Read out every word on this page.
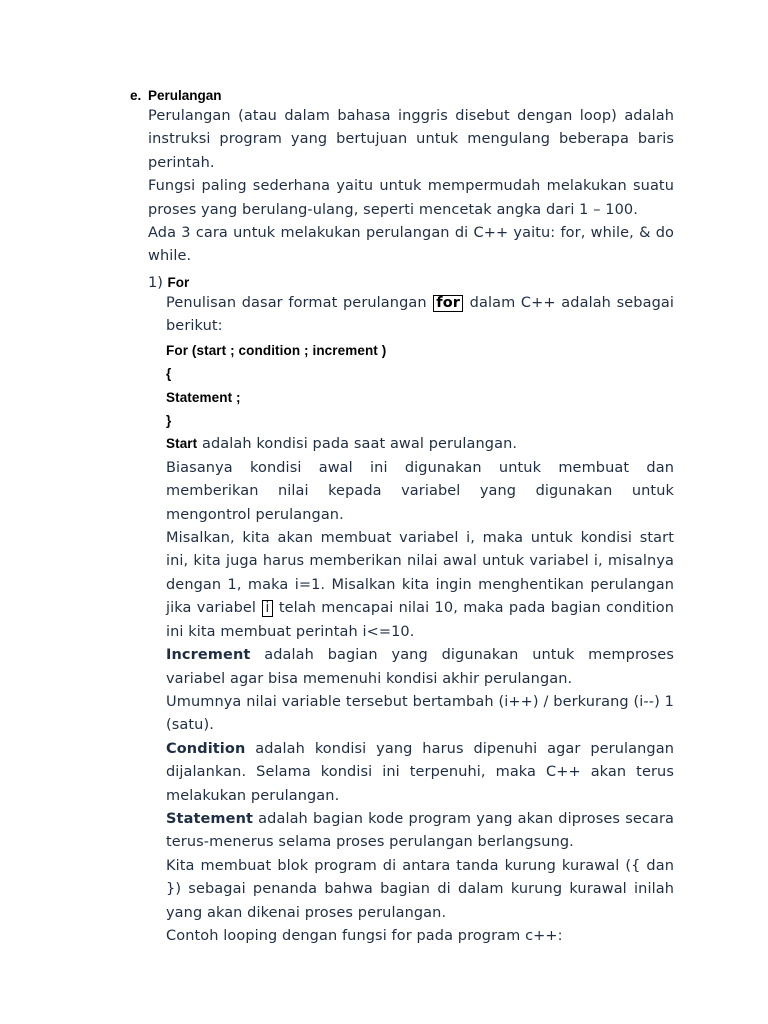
e. Perulangan

Perulangan (atau dalam bahasa inggris disebut dengan loop) adalah instruksi program yang bertujuan untuk mengulang beberapa baris perintah.

Fungsi paling sederhana yaitu untuk mempermudah melakukan suatu proses yang berulang-ulang, seperti mencetak angka dari 1 – 100.

Ada 3 cara untuk melakukan perulangan di C++ yaitu: for, while, & do while.

1) For

Penulisan dasar format perulangan for dalam C++ adalah sebagai berikut:

For (start ; condition ; increment )

{

Statement ;

}

Start adalah kondisi pada saat awal perulangan.

Biasanya kondisi awal ini digunakan untuk membuat dan memberikan nilai kepada variabel yang digunakan untuk mengontrol perulangan.

Misalkan, kita akan membuat variabel i, maka untuk kondisi start ini, kita juga harus memberikan nilai awal untuk variabel i, misalnya dengan 1, maka i=1. Misalkan kita ingin menghentikan perulangan jika variabel i telah mencapai nilai 10, maka pada bagian condition ini kita membuat perintah i<=10.

Increment adalah bagian yang digunakan untuk memproses variabel agar bisa memenuhi kondisi akhir perulangan.

Umumnya nilai variable tersebut bertambah (i++) / berkurang (i--) 1 (satu).

Condition adalah kondisi yang harus dipenuhi agar perulangan dijalankan. Selama kondisi ini terpenuhi, maka C++ akan terus melakukan perulangan.

Statement adalah bagian kode program yang akan diproses secara terus-menerus selama proses perulangan berlangsung.

Kita membuat blok program di antara tanda kurung kurawal ({ dan }) sebagai penanda bahwa bagian di dalam kurung kurawal inilah yang akan dikenai proses perulangan.

Contoh looping dengan fungsi for pada program c++:
